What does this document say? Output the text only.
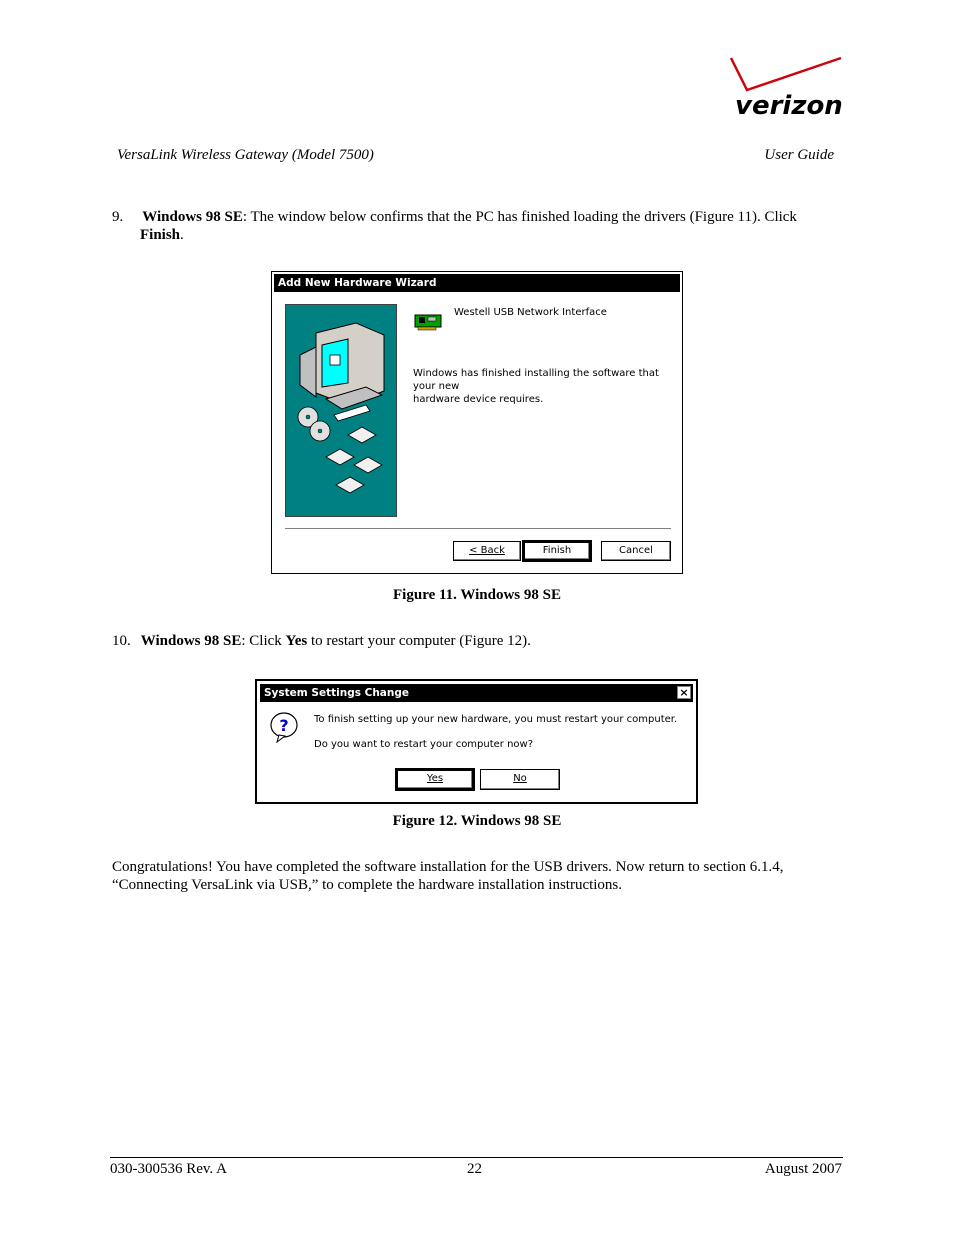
verizon
VersaLink Wireless Gateway (Model 7500)	User Guide
9. Windows 98 SE: The window below confirms that the PC has finished loading the drivers (Figure 11). Click
Finish.
Add New Hardware Wizard
Westell USB Network Interface
Windows has finished installing the software that your new
hardware device requires.
< Back	Finish	Cancel
Figure 11. Windows 98 SE
10. Windows 98 SE: Click Yes to restart your computer (Figure 12).
System Settings Change	×
?	To finish setting up your new hardware, you must restart your computer.
Do you want to restart your computer now?
Yes	No
Figure 12. Windows 98 SE
Congratulations! You have completed the software installation for the USB drivers. Now return to section 6.1.4,
“Connecting VersaLink via USB,” to complete the hardware installation instructions.
030-300536 Rev. A	22	August 2007
